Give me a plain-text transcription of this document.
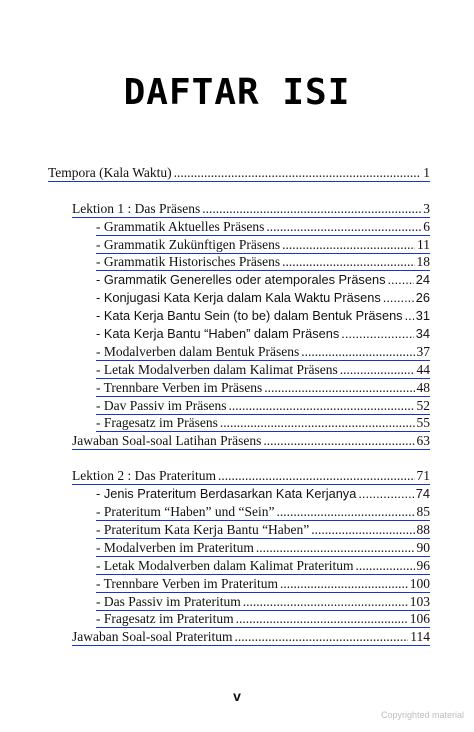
DAFTAR ISI
Tempora (Kala Waktu) .....	1
Lektion 1 : Das Präsens .....	3
- Grammatik Aktuelles Präsens .....	6
- Grammatik Zukünftigen Präsens .....	11
- Grammatik Historisches Präsens .....	18
- Grammatik Generelles oder atemporales Präsens ..... 24
- Konjugasi Kata Kerja dalam Kala Waktu Präsens .....	26
- Kata Kerja Bantu Sein (to be) dalam Bentuk Präsens ..... 31
- Kata Kerja Bantu “Haben” dalam Präsens .....	34
- Modalverben dalam Bentuk Präsens .....	37
- Letak Modalverben dalam Kalimat Präsens .....	44
- Trennbare Verben im Präsens .....	48
- Dav Passiv im Präsens .....	52
- Fragesatz im Präsens .....	55
Jawaban Soal-soal Latihan Präsens .....	63
Lektion 2 : Das Prateritum .....	71
- Jenis Prateritum Berdasarkan Kata Kerjanya .....	74
- Prateritum “Haben” und “Sein” .....	85
- Prateritum Kata Kerja Bantu “Haben” .....	88
- Modalverben im Prateritum .....	90
- Letak Modalverben dalam Kalimat Prateritum .....	96
- Trennbare Verben im Prateritum .....	100
- Das Passiv im Prateritum .....	103
- Fragesatz im Prateritum .....	106
Jawaban Soal-soal Prateritum .....	114
v
Copyrighted material
